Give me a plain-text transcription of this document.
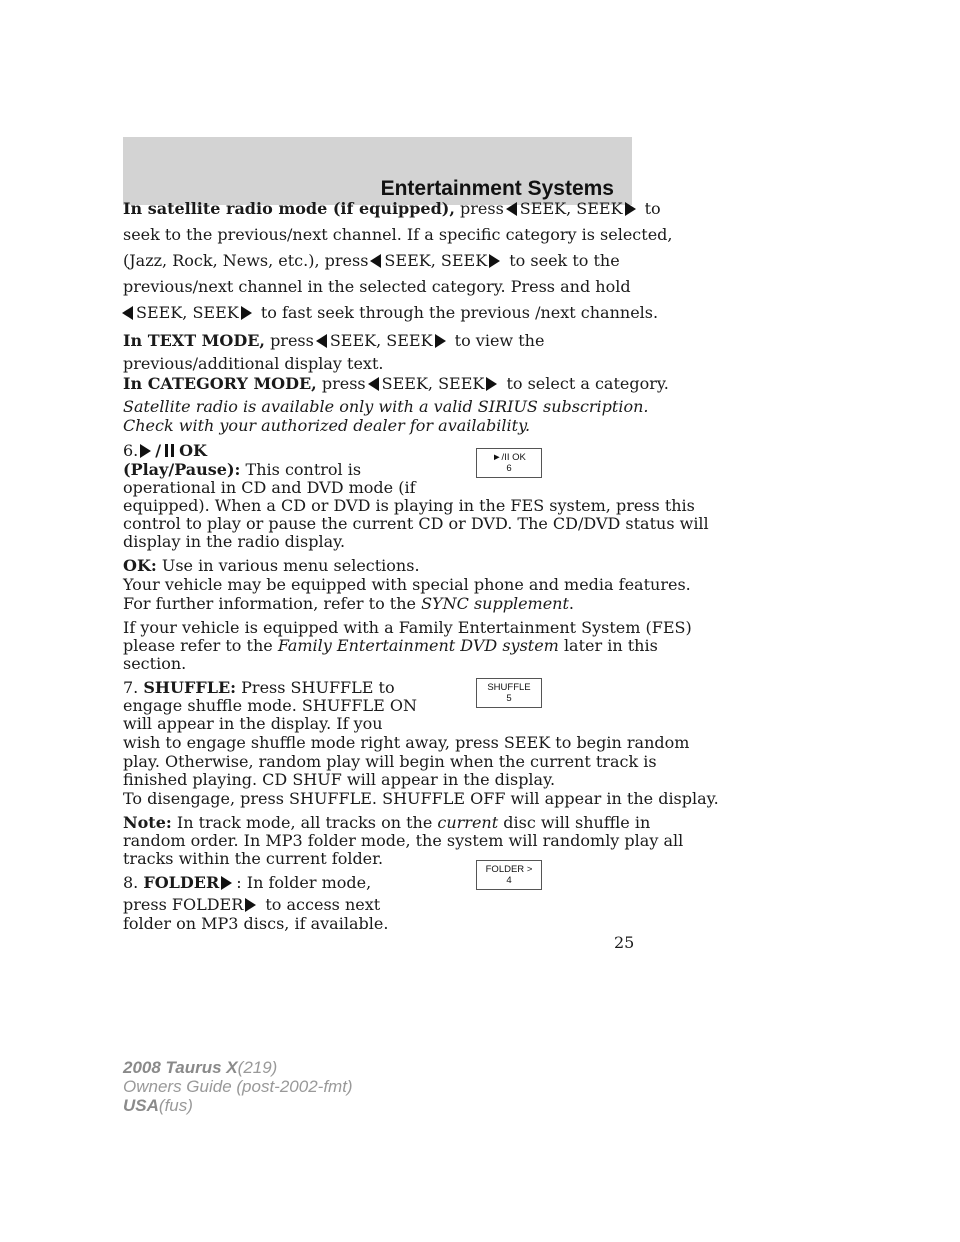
Entertainment Systems
In satellite radio mode (if equipped), press SEEK, SEEK to
seek to the previous/next channel. If a specific category is selected,
(Jazz, Rock, News, etc.), press SEEK, SEEK to seek to the
previous/next channel in the selected category. Press and hold
SEEK, SEEK to fast seek through the previous /next channels.
In TEXT MODE, press SEEK, SEEK to view the
previous/additional display text.
In CATEGORY MODE, press SEEK, SEEK to select a category.
Satellite radio is available only with a valid SIRIUS subscription.
Check with your authorized dealer for availability.
6. / OK
(Play/Pause): This control is
operational in CD and DVD mode (if
equipped). When a CD or DVD is playing in the FES system, press this
control to play or pause the current CD or DVD. The CD/DVD status will
display in the radio display.
OK: Use in various menu selections.
Your vehicle may be equipped with special phone and media features.
For further information, refer to the SYNC supplement.
If your vehicle is equipped with a Family Entertainment System (FES)
please refer to the Family Entertainment DVD system later in this
section.
7. SHUFFLE: Press SHUFFLE to
engage shuffle mode. SHUFFLE ON
will appear in the display. If you
wish to engage shuffle mode right away, press SEEK to begin random
play. Otherwise, random play will begin when the current track is
finished playing. CD SHUF will appear in the display.
To disengage, press SHUFFLE. SHUFFLE OFF will appear in the display.
Note: In track mode, all tracks on the current disc will shuffle in
random order. In MP3 folder mode, the system will randomly play all
tracks within the current folder.
8. FOLDER : In folder mode,
press FOLDER to access next
folder on MP3 discs, if available.
►/II OK
6
SHUFFLE
5
FOLDER >
4
25
2008 Taurus X(219)
Owners Guide (post-2002-fmt)
USA(fus)
